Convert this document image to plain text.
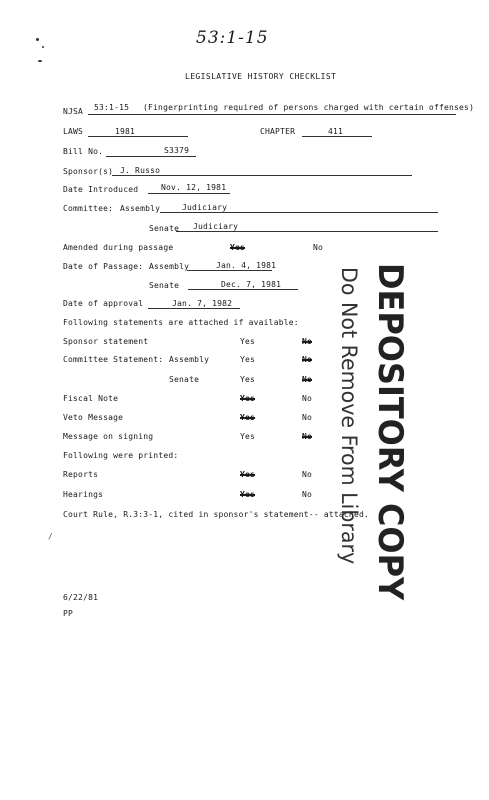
53:1-15
LEGISLATIVE HISTORY CHECKLIST
NJSA 53:1-15 (Fingerprinting required of persons charged with certain offenses)
LAWS	1981	CHAPTER	411
Bill No.	S3379
Sponsor(s) J. Russo
Date Introduced	Nov. 12, 1981
Committee: Assembly	Judiciary
Senate Judiciary
Amended during passage	Yes	No
Date of Passage: Assembly	Jan. 4, 1981
Senate	Dec. 7, 1981
Date of approval	Jan. 7, 1982
Following statements are attached if available:
Sponsor statement	Yes	No
Committee Statement: Assembly	Yes	No
Senate	Yes	No
Fiscal Note	Yes	No
Veto Message	Yes	No
Message on signing	Yes	No
Following were printed:
Reports	Yes	No
Hearings	Yes	No
Court Rule, R.3:3-1, cited in sponsor's statement-- attached.
/
6/22/81
PP
DEPOSITORY COPY
Do Not Remove From Library
